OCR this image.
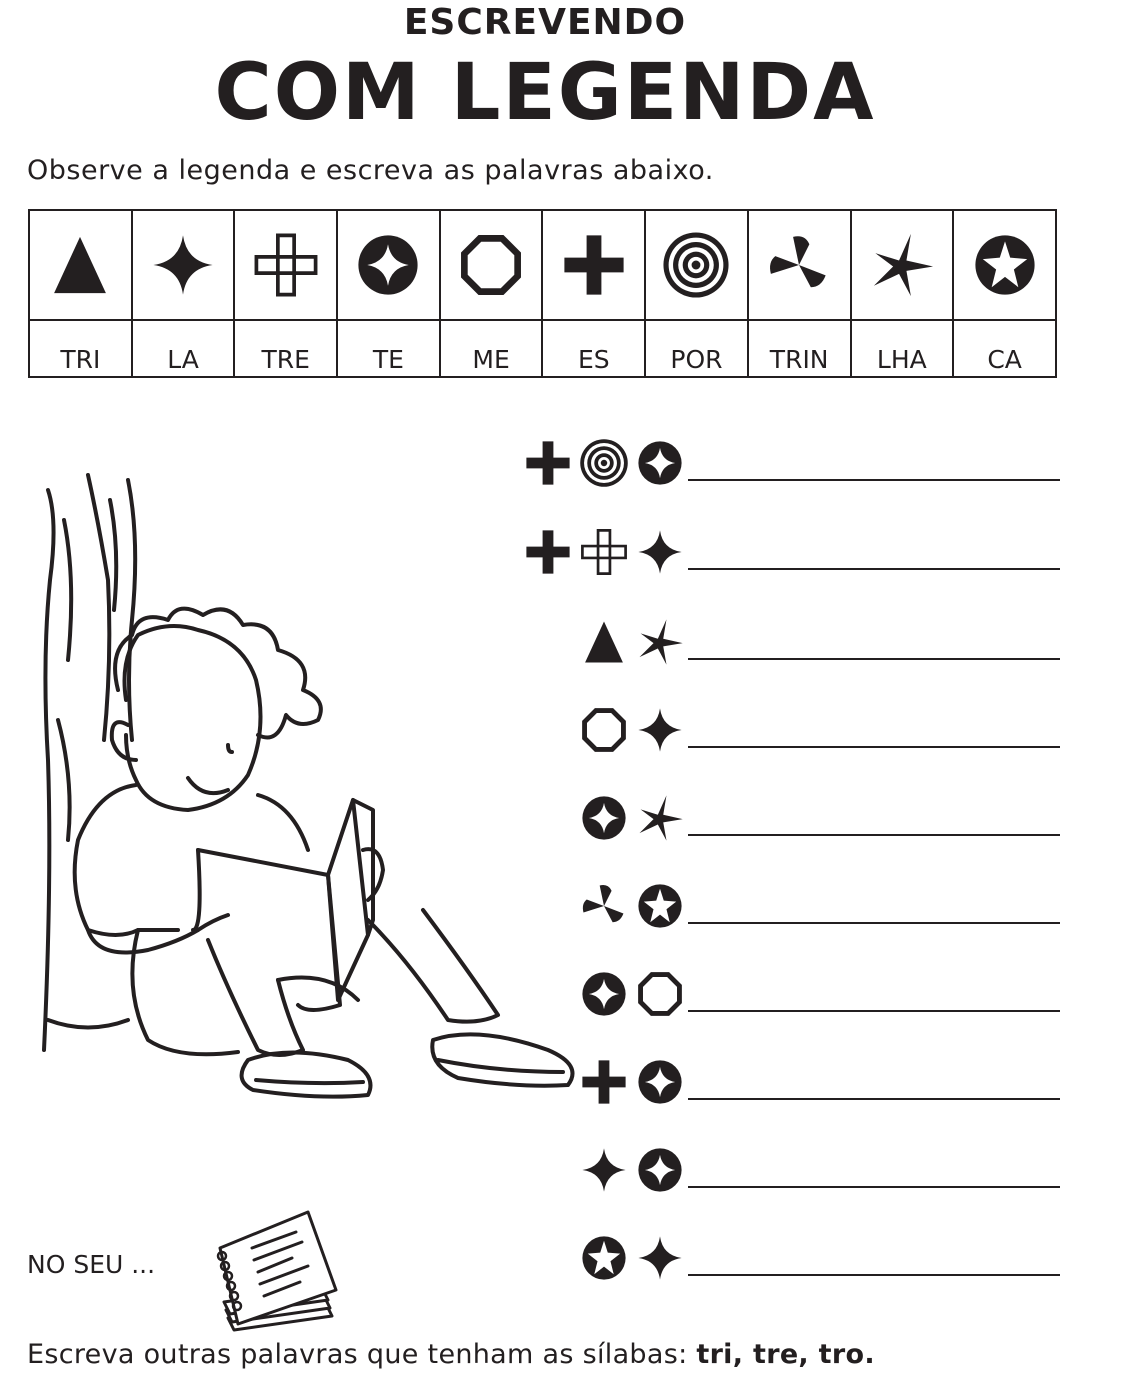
ESCREVENDO
COM LEGENDA
Observe a legenda e escreva as palavras abaixo.

TRI	LA	TRE	TE	ME	ES	POR	TRIN	LHA	CA
NO SEU ...
Escreva outras palavras que tenham as sílabas: tri, tre, tro.
